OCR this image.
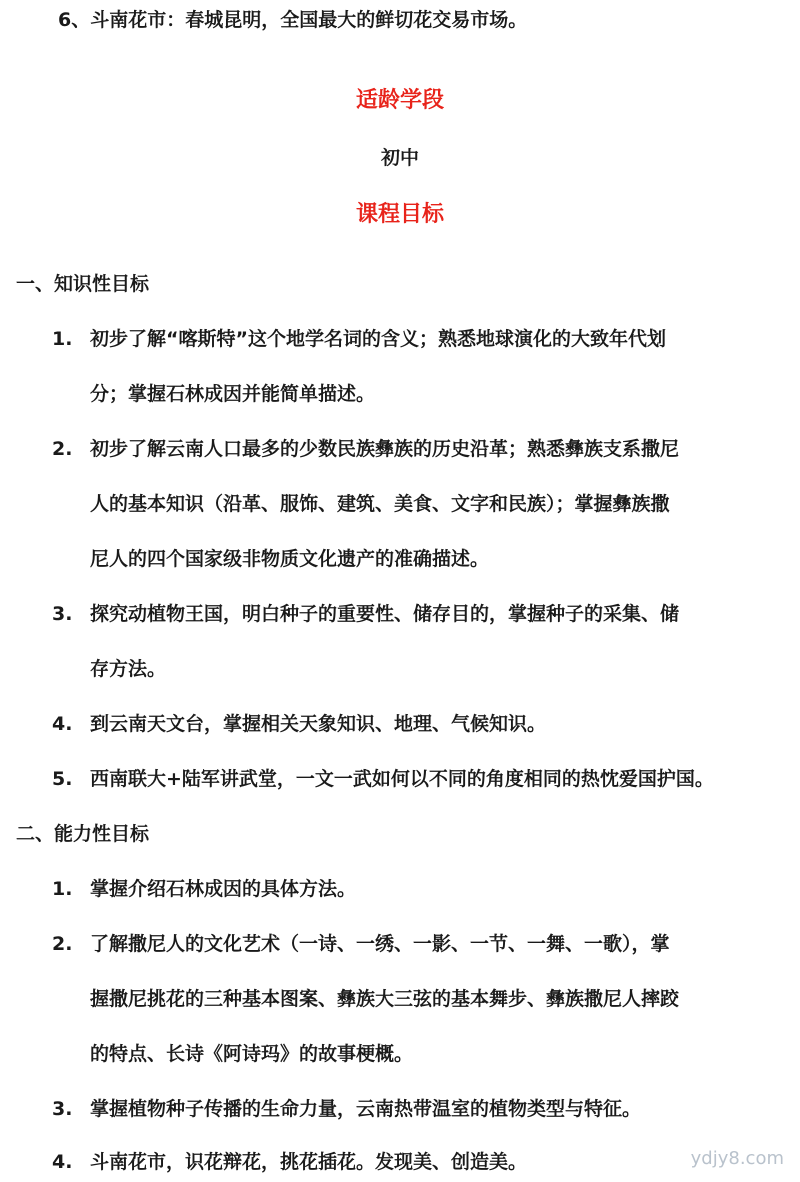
6、斗南花市：春城昆明，全国最大的鲜切花交易市场。
适龄学段
初中
课程目标
一、知识性目标
1. 初步了解“喀斯特”这个地学名词的含义；熟悉地球演化的大致年代划
分；掌握石林成因并能简单描述。
2. 初步了解云南人口最多的少数民族彝族的历史沿革；熟悉彝族支系撒尼
人的基本知识（沿革、服饰、建筑、美食、文字和民族）；掌握彝族撒
尼人的四个国家级非物质文化遗产的准确描述。
3. 探究动植物王国，明白种子的重要性、储存目的，掌握种子的采集、储
存方法。
4. 到云南天文台，掌握相关天象知识、地理、气候知识。
5. 西南联大+陆军讲武堂，一文一武如何以不同的角度相同的热忱爱国护国。
二、能力性目标
1. 掌握介绍石林成因的具体方法。
2. 了解撒尼人的文化艺术（一诗、一绣、一影、一节、一舞、一歌），掌
握撒尼挑花的三种基本图案、彝族大三弦的基本舞步、彝族撒尼人摔跤
的特点、长诗《阿诗玛》的故事梗概。
3. 掌握植物种子传播的生命力量，云南热带温室的植物类型与特征。
4. 斗南花市，识花辩花，挑花插花。发现美、创造美。	ydjy8.com
